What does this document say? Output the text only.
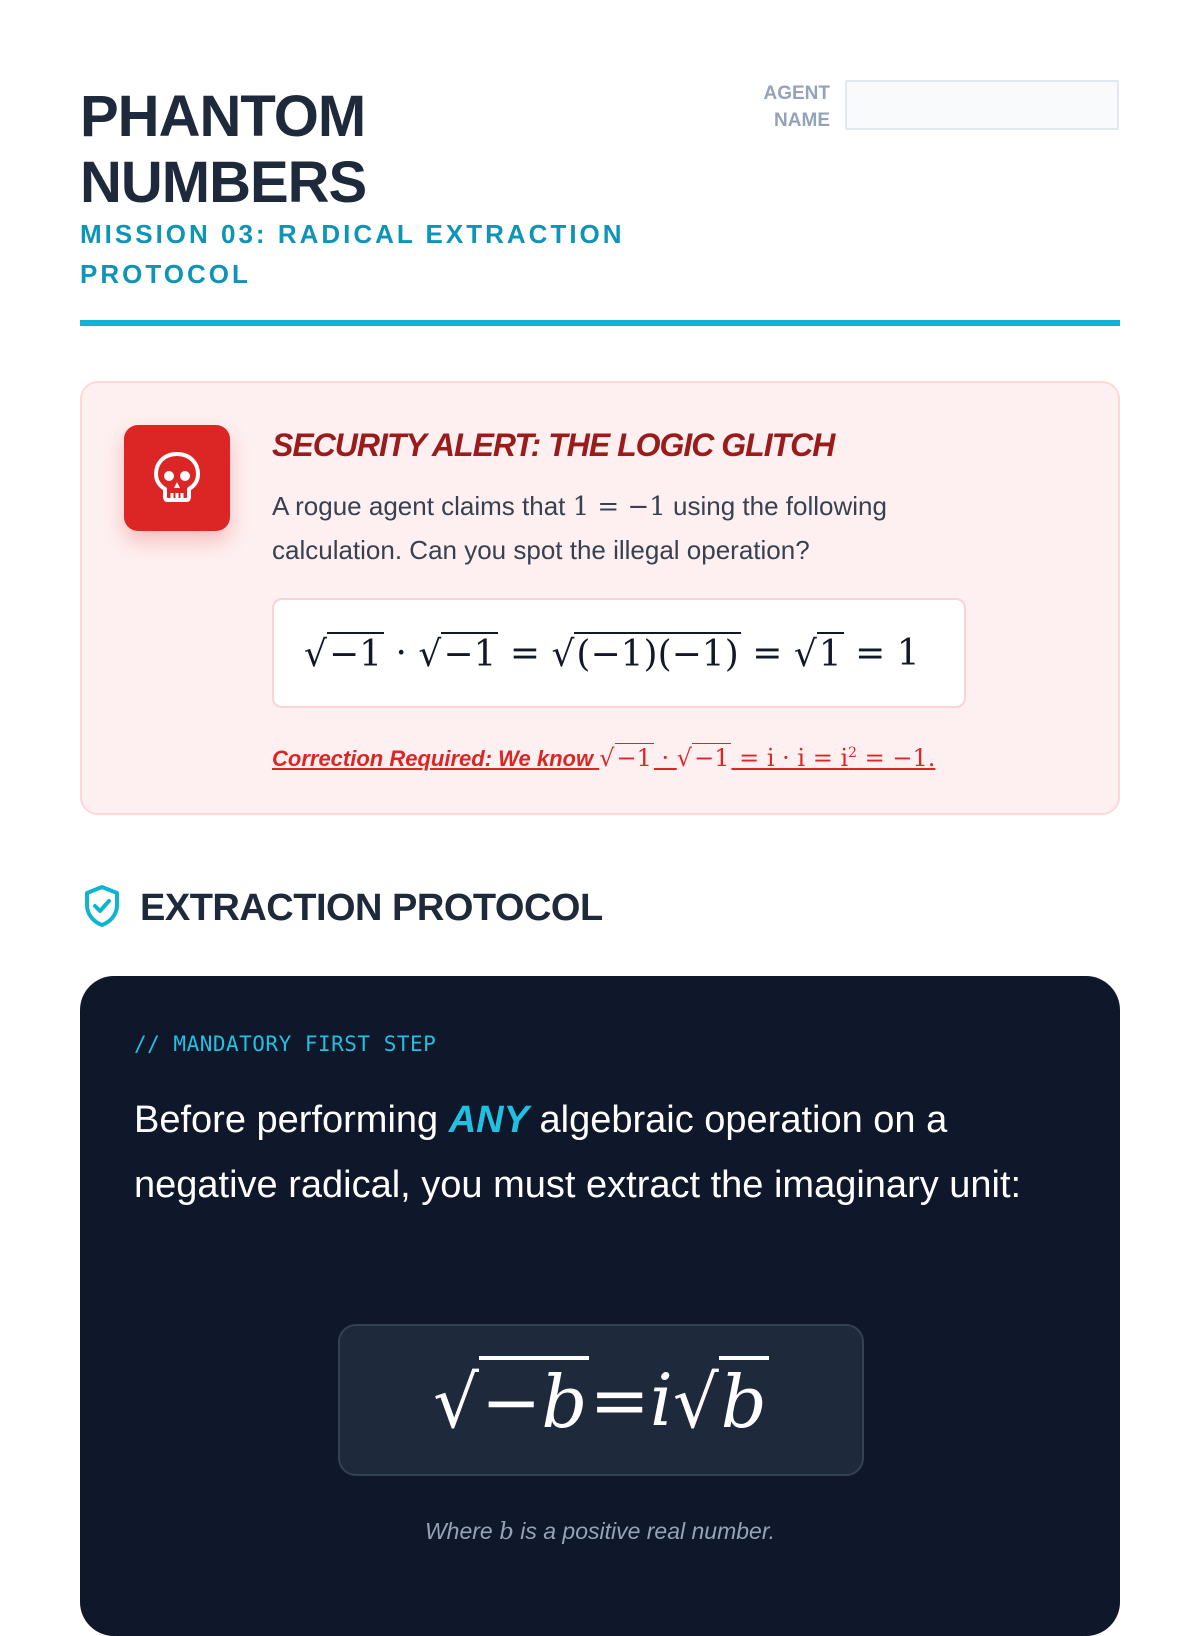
PHANTOM
NUMBERS

MISSION 03: RADICAL EXTRACTION PROTOCOL

AGENT
NAME
SECURITY ALERT: THE LOGIC GLITCH

A rogue agent claims that 1 = −1 using the following calculation. Can you spot the illegal operation?

√−1 · √−1 = √(−1)(−1) = √1 = 1
Correction Required: We know $√-1 \cdot √-1 = i \cdot i = i^2 = -1$.
EXTRACTION PROTOCOL
// MANDATORY FIRST STEP

Before performing ANY algebraic operation on a negative radical, you must extract the imaginary unit:

√−b = i √b
Where b is a positive real number.
